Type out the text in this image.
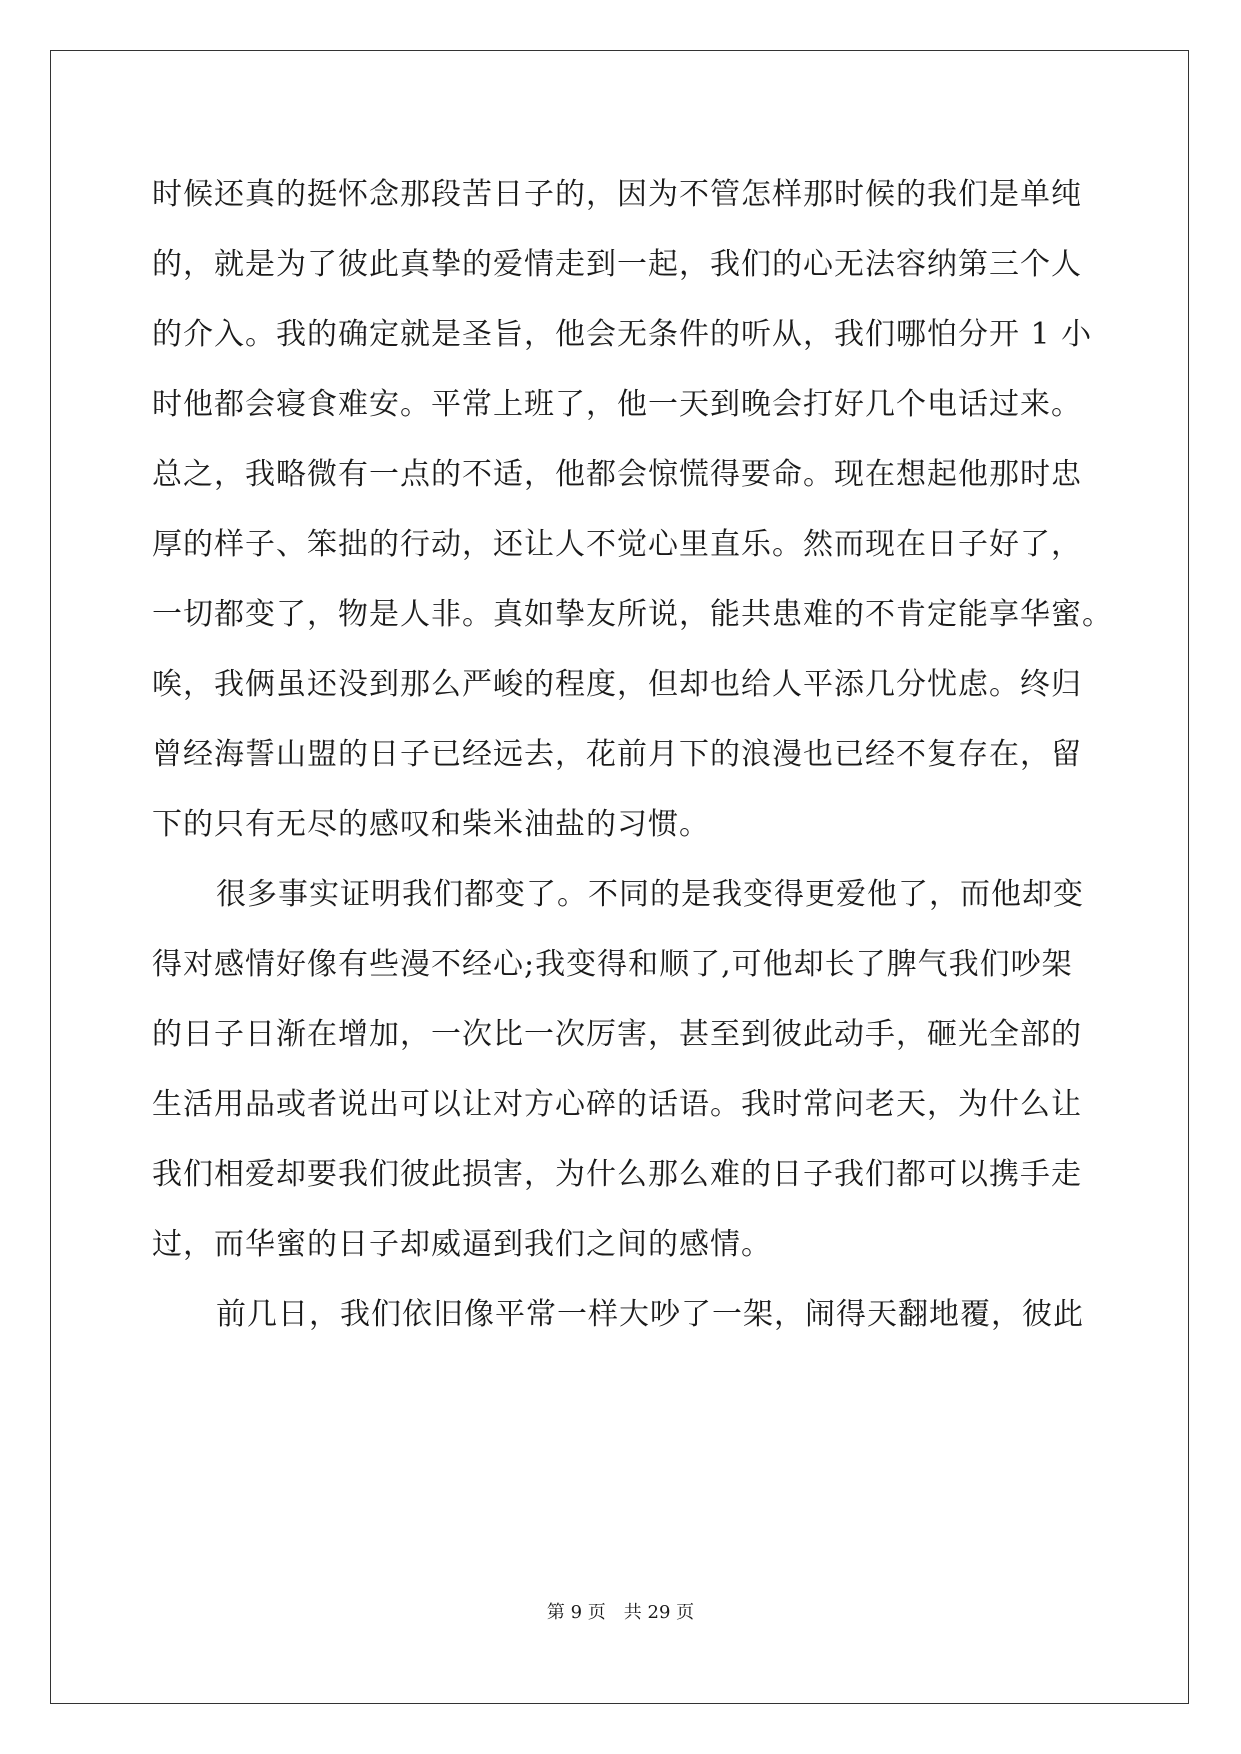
时候还真的挺怀念那段苦日子的，因为不管怎样那时候的我们是单纯
的，就是为了彼此真挚的爱情走到一起，我们的心无法容纳第三个人
的介入。我的确定就是圣旨，他会无条件的听从，我们哪怕分开 1 小
时他都会寝食难安。平常上班了，他一天到晚会打好几个电话过来。
总之，我略微有一点的不适，他都会惊慌得要命。现在想起他那时忠
厚的样子、笨拙的行动，还让人不觉心里直乐。然而现在日子好了，
一切都变了，物是人非。真如挚友所说，能共患难的不肯定能享华蜜。
唉，我俩虽还没到那么严峻的程度，但却也给人平添几分忧虑。终归
曾经海誓山盟的日子已经远去，花前月下的浪漫也已经不复存在，留
下的只有无尽的感叹和柴米油盐的习惯。
很多事实证明我们都变了。不同的是我变得更爱他了，而他却变
得对感情好像有些漫不经心;我变得和顺了,可他却长了脾气我们吵架
的日子日渐在增加，一次比一次厉害，甚至到彼此动手，砸光全部的
生活用品或者说出可以让对方心碎的话语。我时常问老天，为什么让
我们相爱却要我们彼此损害，为什么那么难的日子我们都可以携手走
过，而华蜜的日子却威逼到我们之间的感情。
前几日，我们依旧像平常一样大吵了一架，闹得天翻地覆，彼此
第 9 页 共 29 页
